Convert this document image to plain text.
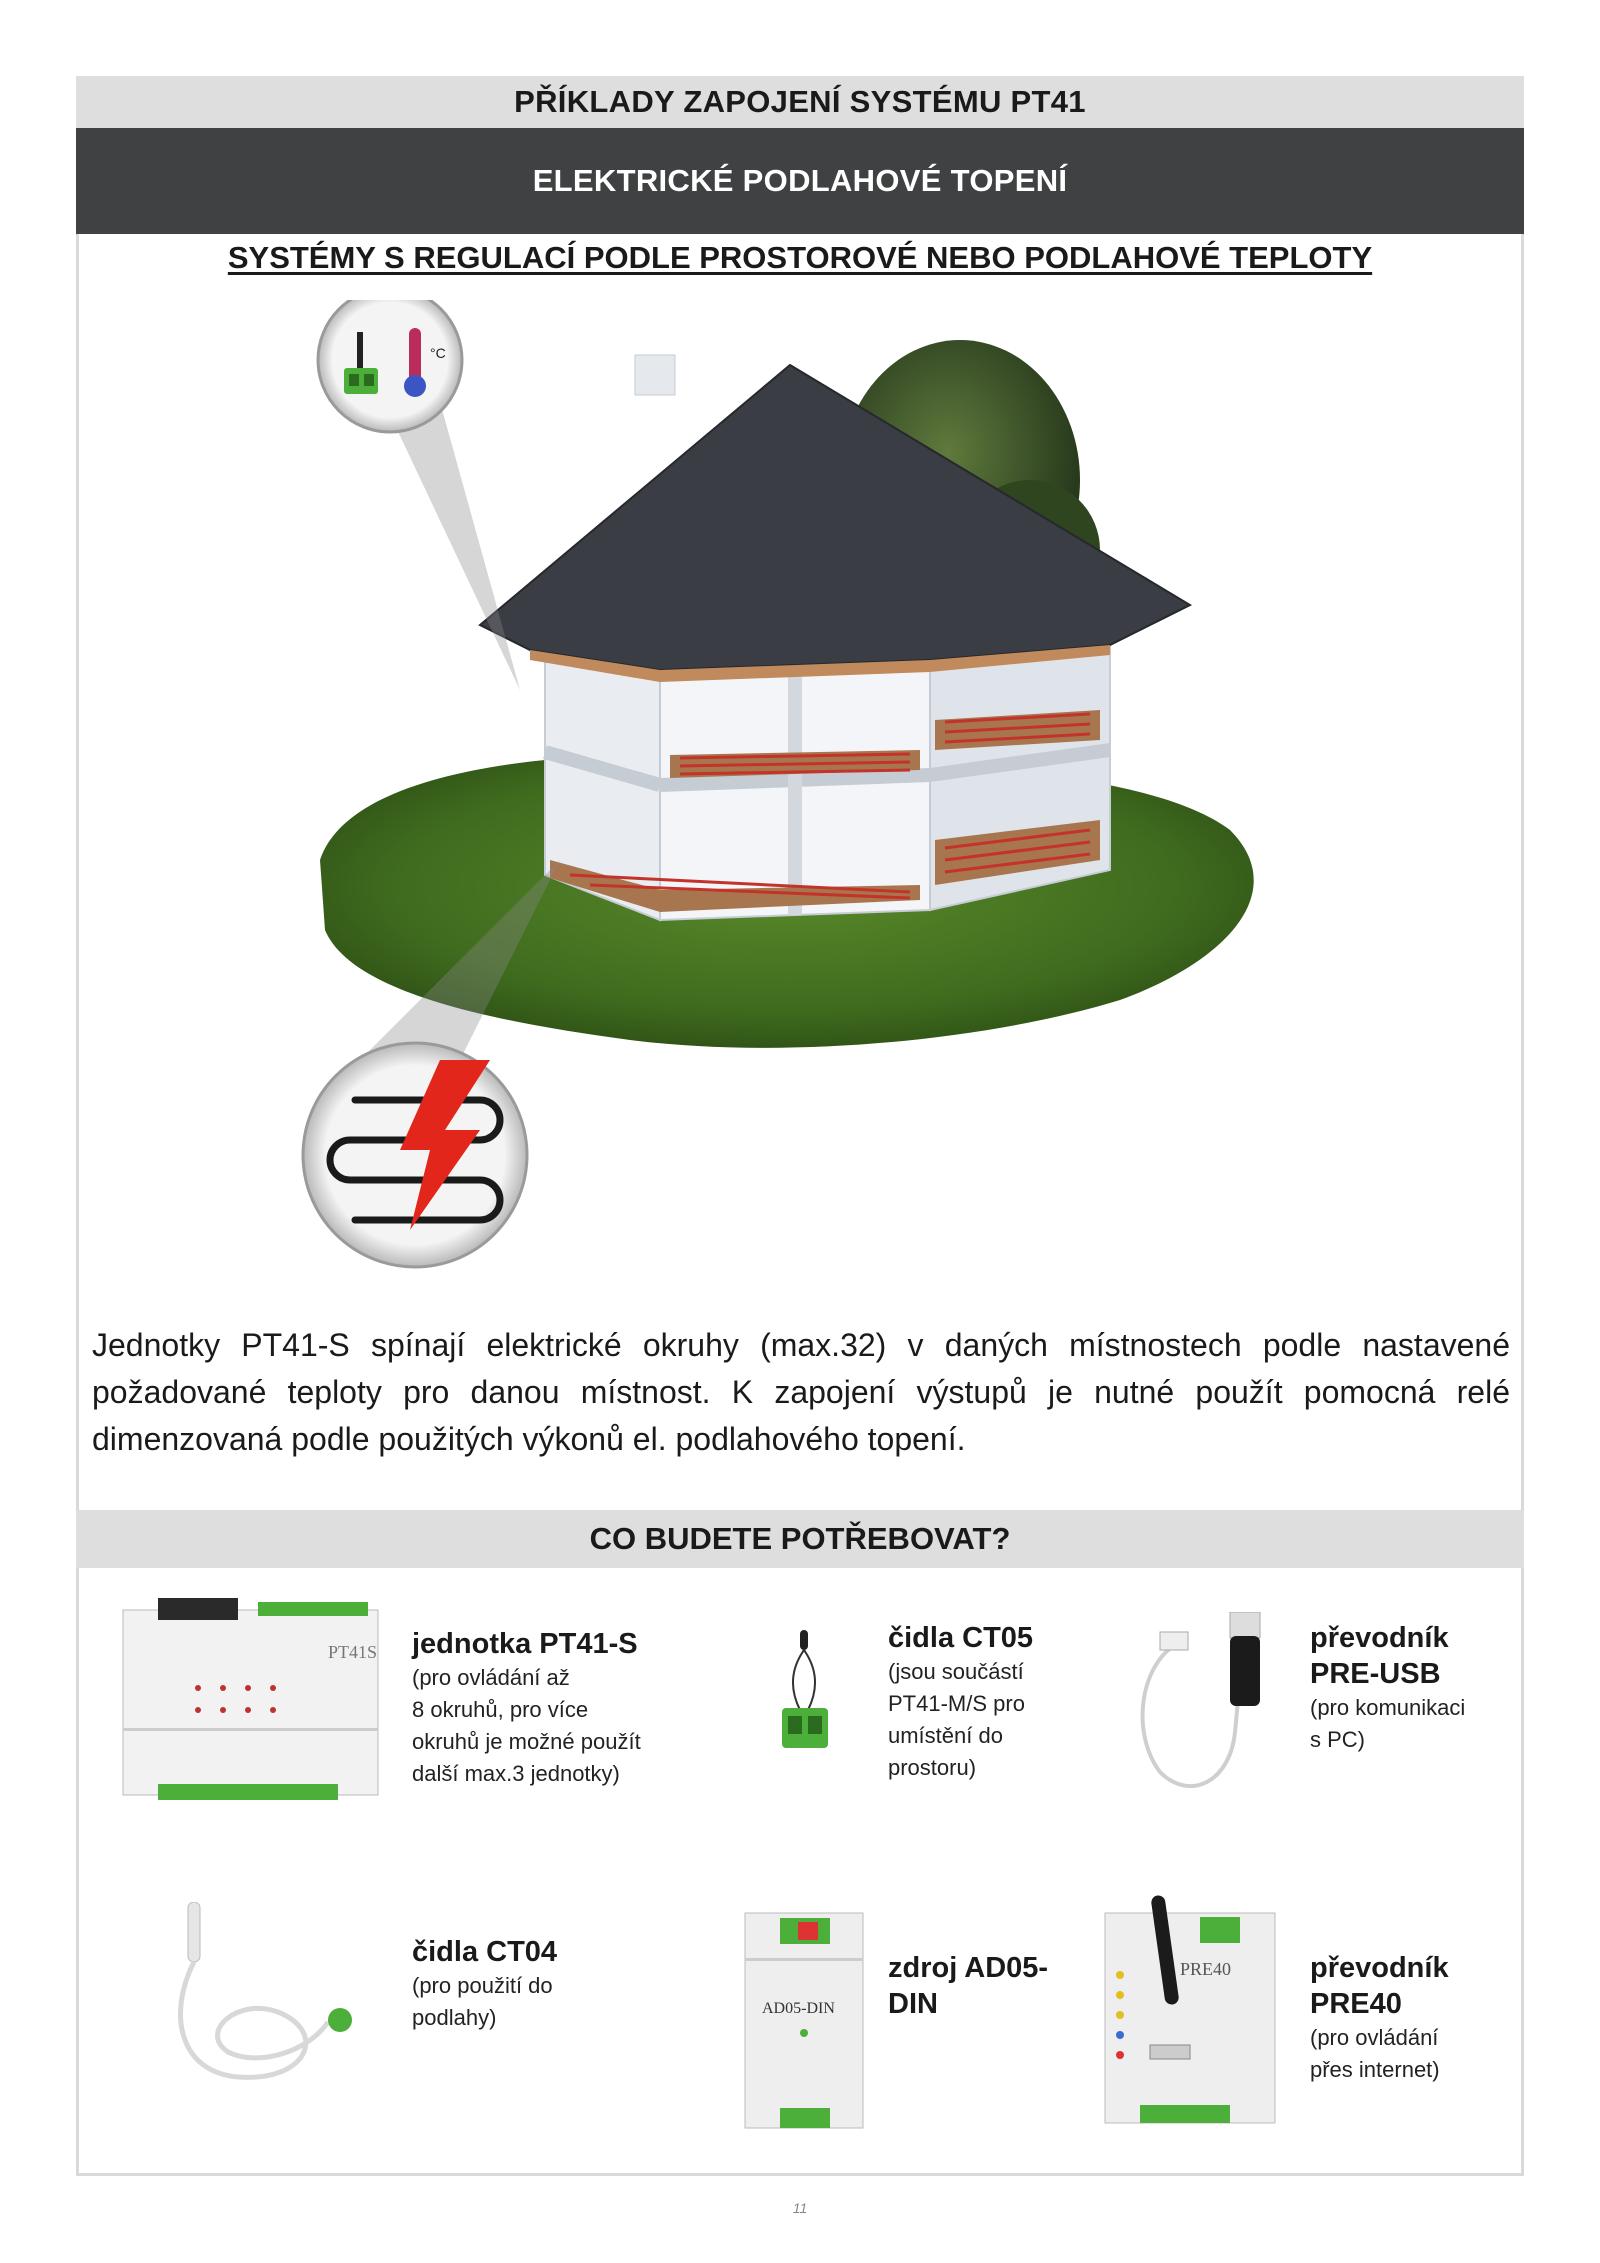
PŘÍKLADY ZAPOJENÍ SYSTÉMU PT41
ELEKTRICKÉ PODLAHOVÉ TOPENÍ
SYSTÉMY S REGULACÍ PODLE PROSTOROVÉ NEBO PODLAHOVÉ TEPLOTY
°C
Jednotky PT41-S spínají elektrické okruhy (max.32) v daných místnostech podle nastavené požadované teploty pro danou místnost. K zapojení výstupů je nutné použít pomocná relé dimenzovaná podle použitých výkonů el. podlahového topení.
CO BUDETE POTŘEBOVAT?
PT41S jednotka PT41-S
(pro ovládání až
8 okruhů, pro více
okruhů je možné použít
další max.3 jednotky)
čidla CT05
(jsou součástí
PT41-M/S pro
umístění do
prostoru)
převodník PRE-USB
(pro komunikaci
s PC)
čidla CT04
(pro použití do
podlahy)	AD05-DIN
zdroj AD05-DIN
PRE40	převodník PRE40
(pro ovládání
přes internet)
11
